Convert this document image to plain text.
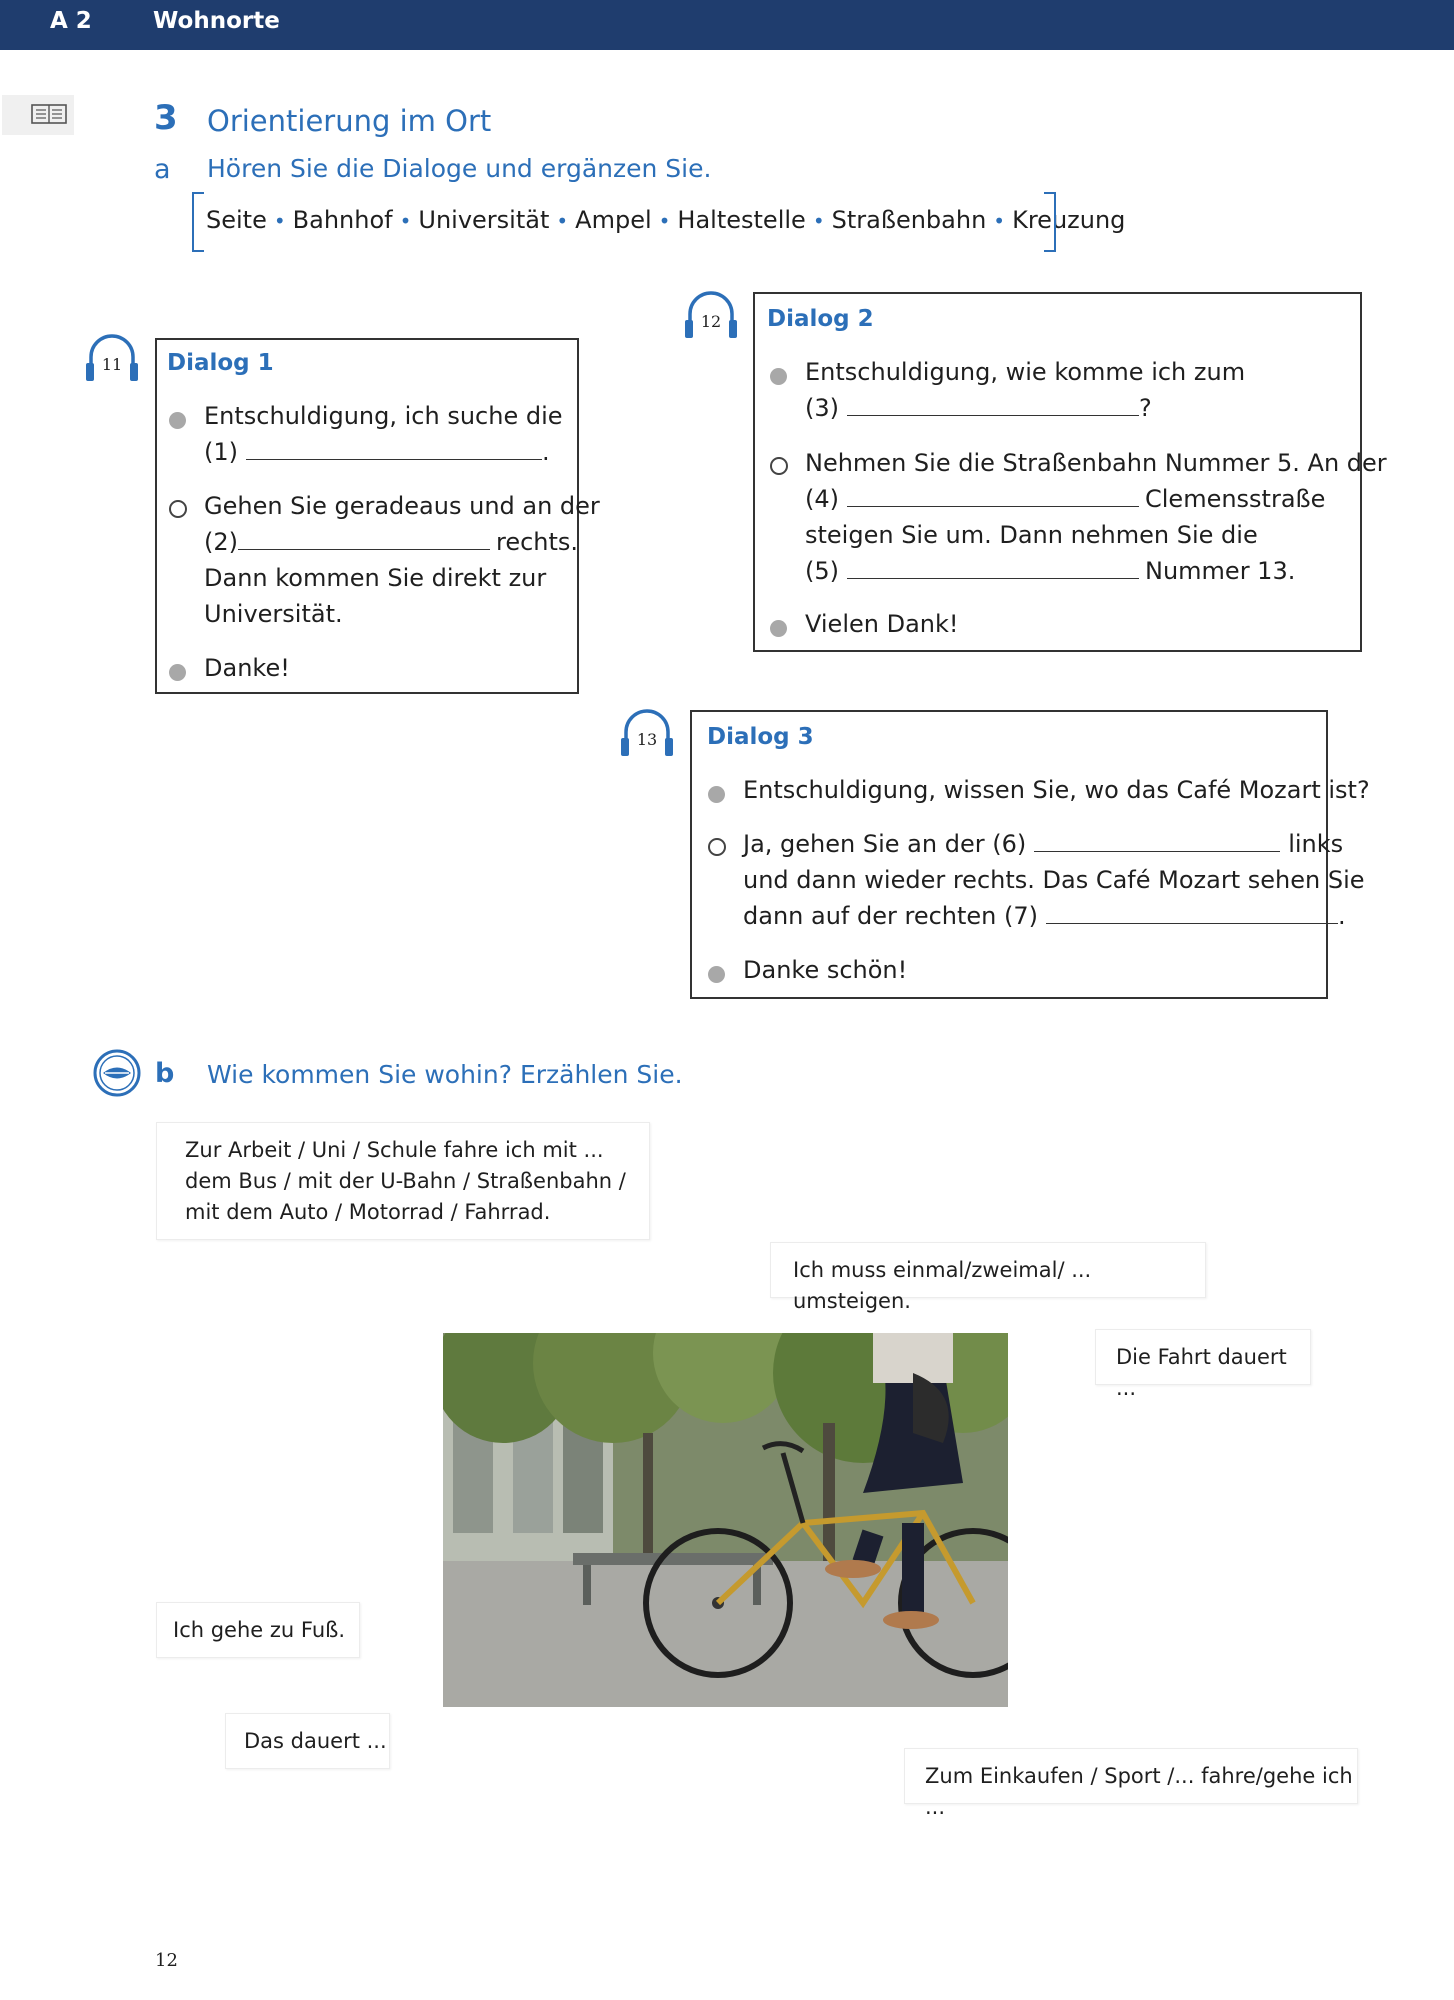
A 2	Wohnorte
3 Orientierung im Ort
a Hören Sie die Dialoge und ergänzen Sie.
Seite • Bahnhof • Universität • Ampel • Haltestelle • Straßenbahn • Kreuzung
11
12
13
Dialog 1
Entschuldigung, ich suche die
(1)	.
Gehen Sie geradeaus und an der
(2)	rechts.
Dann kommen Sie direkt zur
Universität.
Danke!
Dialog 2
Entschuldigung, wie komme ich zum
(3)	?
Nehmen Sie die Straßenbahn Nummer 5. An der
(4)	Clemensstraße
steigen Sie um. Dann nehmen Sie die
(5)	Nummer 13.
Vielen Dank!
Dialog 3
Entschuldigung, wissen Sie, wo das Café Mozart ist?
Ja, gehen Sie an der (6)	links
und dann wieder rechts. Das Café Mozart sehen Sie
dann auf der rechten (7)	.
Danke schön!
b Wie kommen Sie wohin? Erzählen Sie.
Zur Arbeit / Uni / Schule fahre ich mit ...
dem Bus / mit der U-Bahn / Straßenbahn /
mit dem Auto / Motorrad / Fahrrad.
Ich muss einmal/zweimal/ ... umsteigen.
Die Fahrt dauert ...
Ich gehe zu Fuß.
Das dauert ...
Zum Einkaufen / Sport /... fahre/gehe ich ...
12
